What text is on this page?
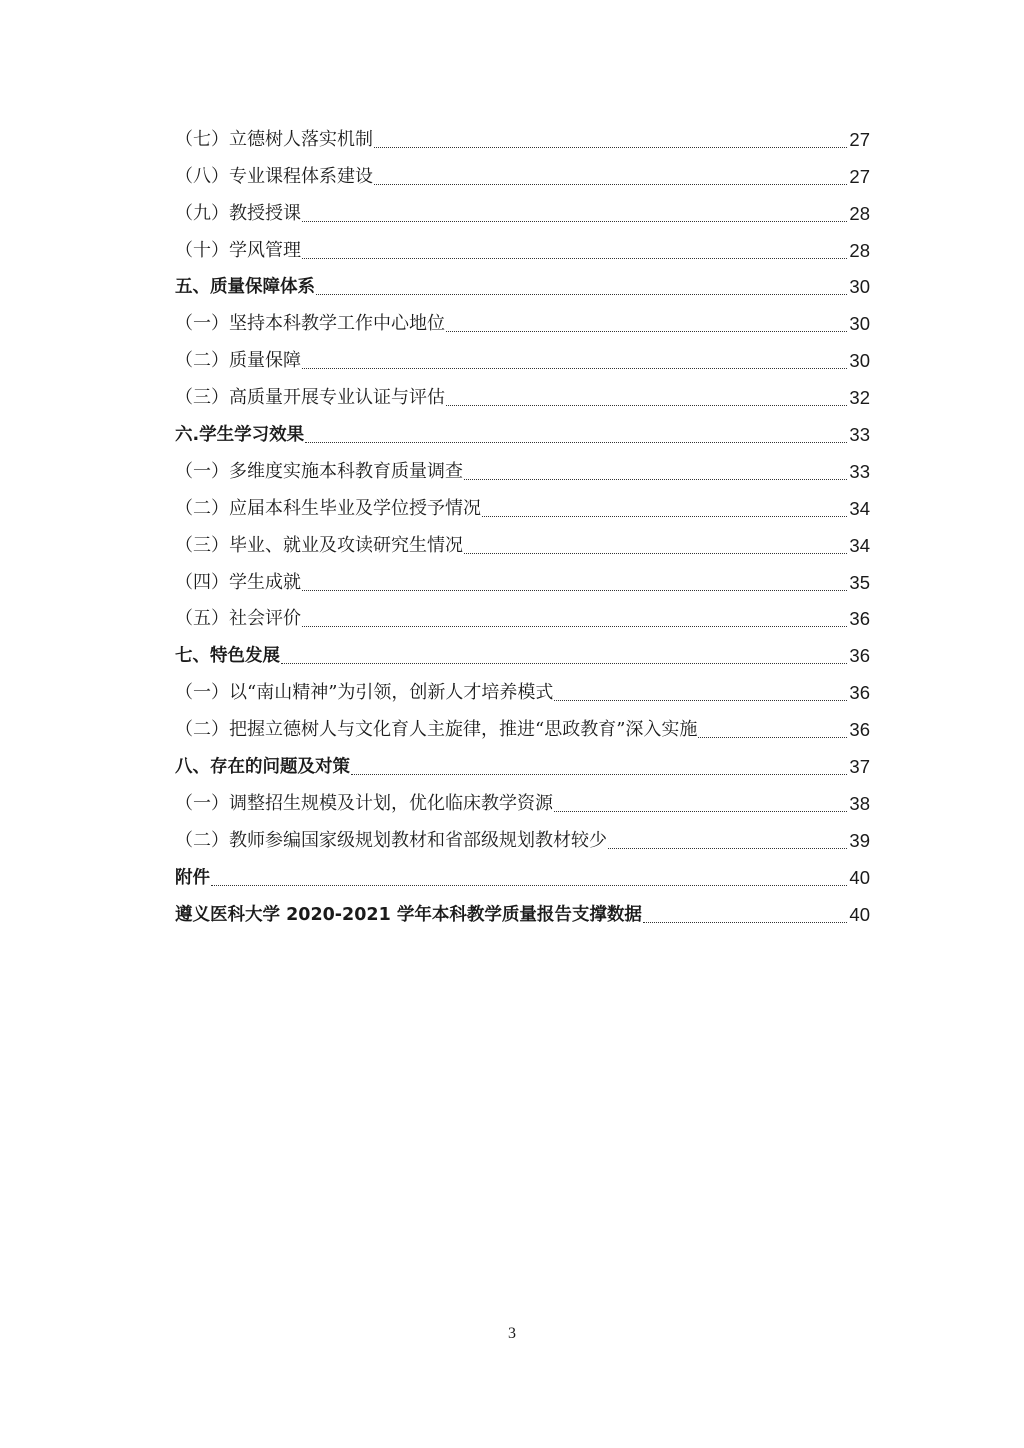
（七）立德树人落实机制	27
（八）专业课程体系建设	27
（九）教授授课	28
（十）学风管理	28
五、质量保障体系	30
（一）坚持本科教学工作中心地位	30
（二）质量保障	30
（三）高质量开展专业认证与评估	32
六.学生学习效果	33
（一）多维度实施本科教育质量调查	33
（二）应届本科生毕业及学位授予情况	34
（三）毕业、就业及攻读研究生情况	34
（四）学生成就	35
（五）社会评价	36
七、特色发展	36
（一）以“南山精神”为引领，创新人才培养模式	36
（二）把握立德树人与文化育人主旋律，推进“思政教育”深入实施	36
八、存在的问题及对策	37
（一）调整招生规模及计划，优化临床教学资源	38
（二）教师参编国家级规划教材和省部级规划教材较少	39
附件	40
遵义医科大学 2020-2021 学年本科教学质量报告支撑数据	40
3
